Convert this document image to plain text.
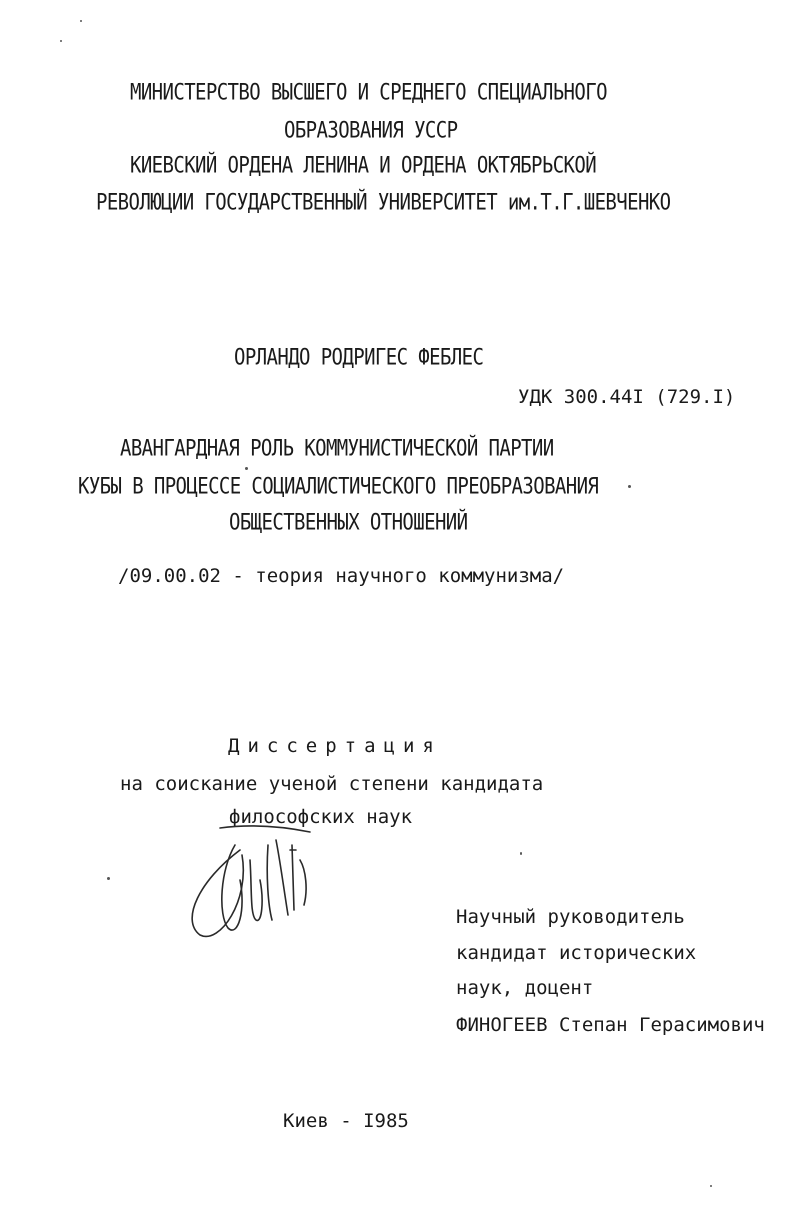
МИНИСТЕРСТВО ВЫСШЕГО И СРЕДНЕГО СПЕЦИАЛЬНОГО
ОБРАЗОВАНИЯ УССР
КИЕВСКИЙ ОРДЕНА ЛЕНИНА И ОРДЕНА ОКТЯБРЬСКОЙ
РЕВОЛЮЦИИ ГОСУДАРСТВЕННЫЙ УНИВЕРСИТЕТ им.Т.Г.ШЕВЧЕНКО
ОРЛАНДО РОДРИГЕС ФЕБЛЕС
УДК 300.44I (729.I)
АВАНГАРДНАЯ РОЛЬ КОММУНИСТИЧЕСКОЙ ПАРТИИ
КУБЫ В ПРОЦЕССЕ СОЦИАЛИСТИЧЕСКОГО ПРЕОБРАЗОВАНИЯ
ОБЩЕСТВЕННЫХ ОТНОШЕНИЙ
/09.00.02 - теория научного коммунизма/
Диссертация
на соискание ученой степени кандидата
философских наук
Научный руководитель
кандидат исторических
наук, доцент
ФИНОГЕЕВ Степан Герасимович
Киев - I985
